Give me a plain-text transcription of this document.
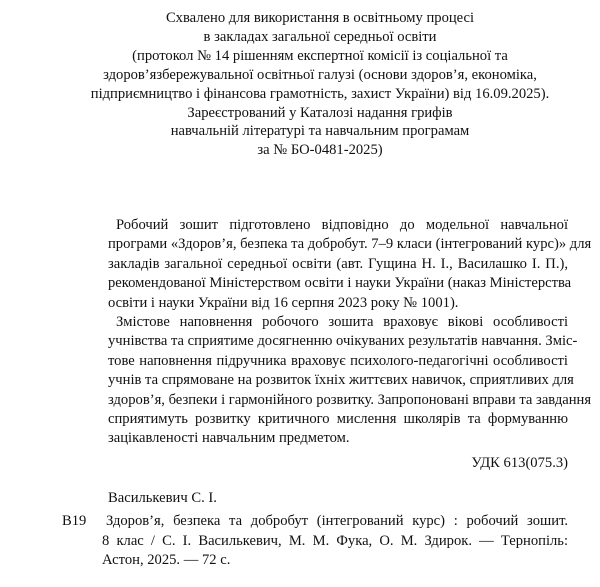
Схвалено для використання в освітньому процесі
в закладах загальної середньої освіти
(протокол № 14 рішенням експертної комісії із соціальної та
здоров’язбережувальної освітньої галузі (основи здоров’я, економіка,
підприємництво і фінансова грамотність, захист України) від 16.09.2025).
Зареєстрований у Каталозі надання грифів
навчальній літературі та навчальним програмам
за № БО-0481-2025)
Робочий зошит підготовлено відповідно до модельної навчальної
програми «Здоров’я, безпека та добробут. 7–9 класи (інтегрований курс)» для
закладів загальної середньої освіти (авт. Гущина Н. І., Василашко І. П.),
рекомендованої Міністерством освіти і науки України (наказ Міністерства
освіти і науки України від 16 серпня 2023 року № 1001).
Змістове наповнення робочого зошита враховує вікові особливості
учнівства та сприятиме досягненню очікуваних результатів навчання. Зміс-
тове наповнення підручника враховує психолого-педагогічні особливості
учнів та спрямоване на розвиток їхніх життєвих навичок, сприятливих для
здоров’я, безпеки і гармонійного розвитку. Запропоновані вправи та завдання
сприятимуть розвитку критичного мислення школярів та формуванню
зацікавленості навчальним предметом.
УДК 613(075.3)
Василькевич С. І.
В19 Здоров’я, безпека та добробут (інтегрований курс) : робочий зошит.
8 клас / С. І. Василькевич, М. М. Фука, О. М. Здирок. — Тернопіль:
Астон, 2025. — 72 с.
